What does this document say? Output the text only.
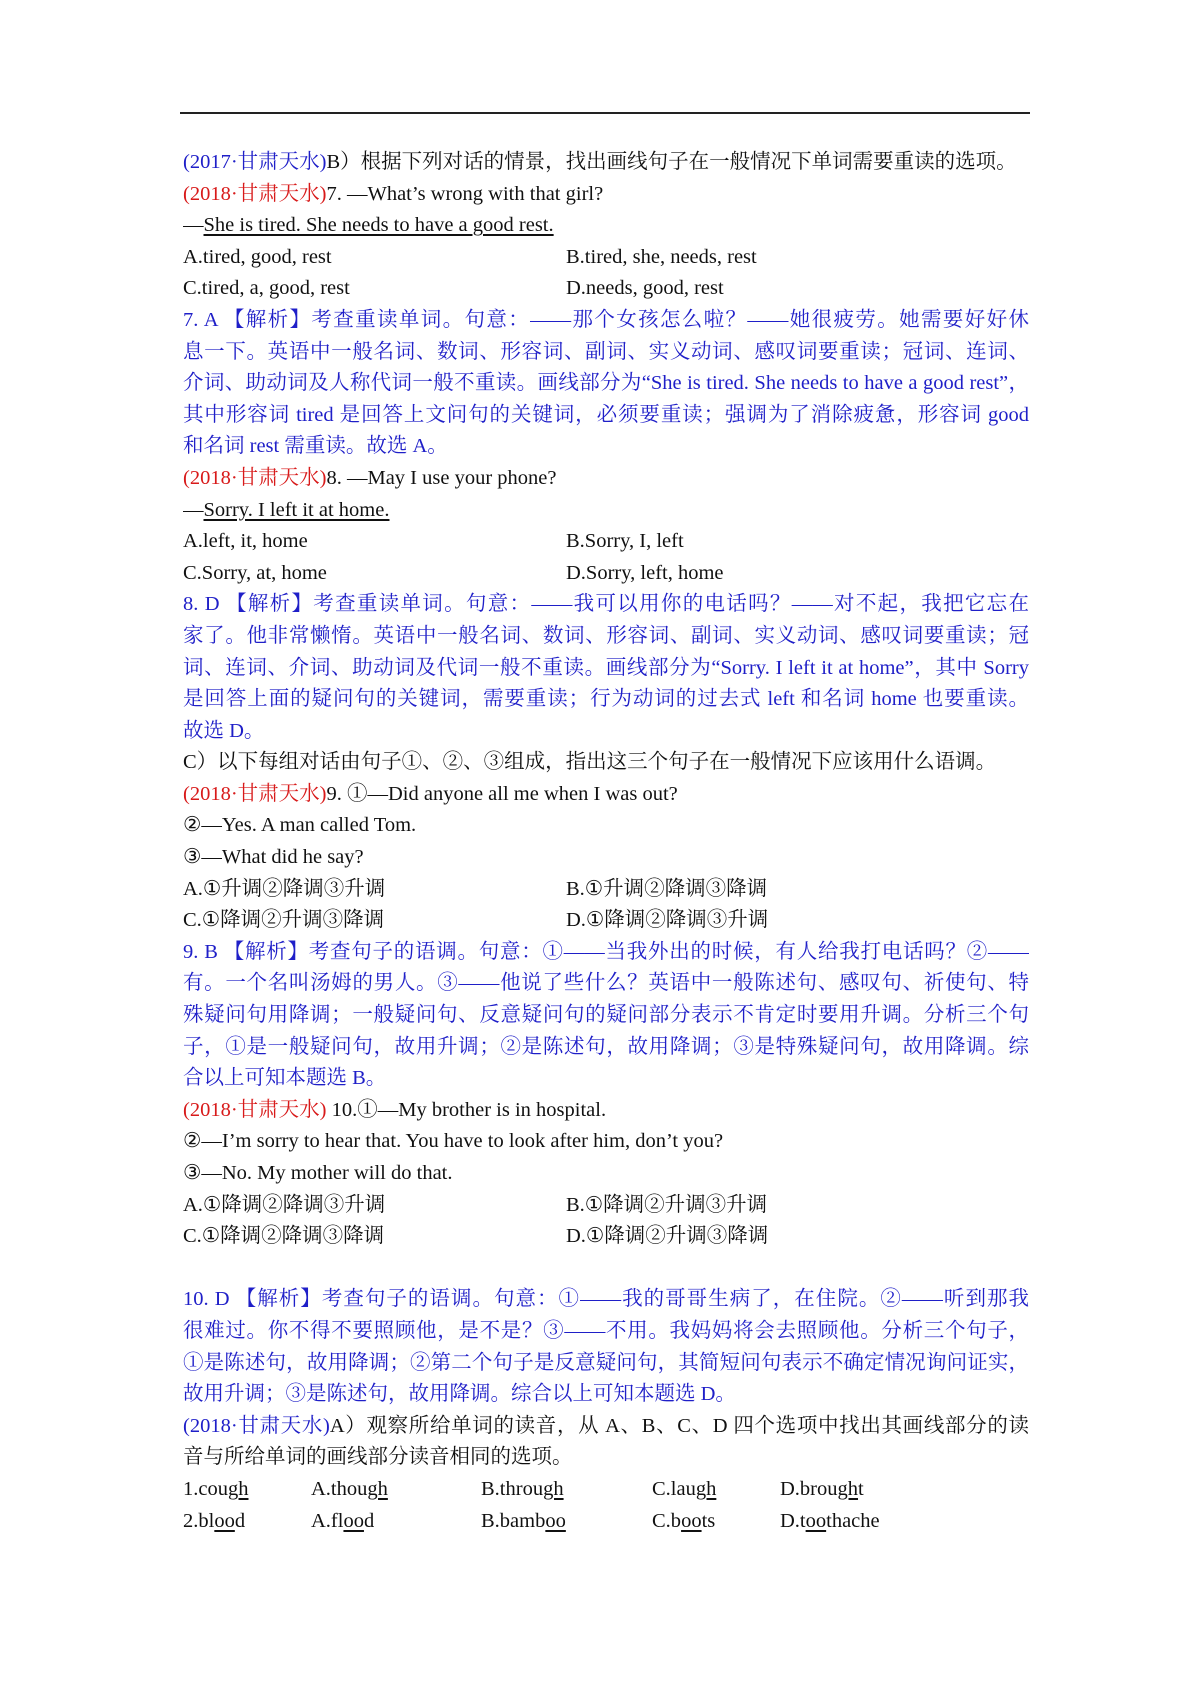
(2017·甘肃天水)B）根据下列对话的情景，找出画线句子在一般情况下单词需要重读的选项。
(2018·甘肃天水)7. —What’s wrong with that girl?
—She is tired. She needs to have a good rest.
A.tired, good, rest	B.tired, she, needs, rest
C.tired, a, good, rest	D.needs, good, rest
7. A 【解析】考查重读单词。句意：——那个女孩怎么啦？——她很疲劳。她需要好好休
息一下。英语中一般名词、数词、形容词、副词、实义动词、感叹词要重读；冠词、连词、
介词、助动词及人称代词一般不重读。画线部分为“She is tired. She needs to have a good rest”，
其中形容词 tired 是回答上文问句的关键词，必须要重读；强调为了消除疲惫，形容词 good
和名词 rest 需重读。故选 A。
(2018·甘肃天水)8. —May I use your phone?
—Sorry. I left it at home.
A.left, it, home	B.Sorry, I, left
C.Sorry, at, home	D.Sorry, left, home
8. D 【解析】考查重读单词。句意：——我可以用你的电话吗？——对不起，我把它忘在
家了。他非常懒惰。英语中一般名词、数词、形容词、副词、实义动词、感叹词要重读；冠
词、连词、介词、助动词及代词一般不重读。画线部分为“Sorry. I left it at home”，其中 Sorry
是回答上面的疑问句的关键词，需要重读；行为动词的过去式 left 和名词 home 也要重读。
故选 D。
C）以下每组对话由句子①、②、③组成，指出这三个句子在一般情况下应该用什么语调。
(2018·甘肃天水)9. ①—Did anyone all me when I was out?
②—Yes. A man called Tom.
③—What did he say?
A.①升调②降调③升调	B.①升调②降调③降调
C.①降调②升调③降调	D.①降调②降调③升调
9. B 【解析】考查句子的语调。句意：①——当我外出的时候，有人给我打电话吗？②——
有。一个名叫汤姆的男人。③——他说了些什么？英语中一般陈述句、感叹句、祈使句、特
殊疑问句用降调；一般疑问句、反意疑问句的疑问部分表示不肯定时要用升调。分析三个句
子，①是一般疑问句，故用升调；②是陈述句，故用降调；③是特殊疑问句，故用降调。综
合以上可知本题选 B。
(2018·甘肃天水) 10.①—My brother is in hospital.
②—I’m sorry to hear that. You have to look after him, don’t you?
③—No. My mother will do that.
A.①降调②降调③升调	B.①降调②升调③升调
C.①降调②降调③降调	D.①降调②升调③降调
10. D 【解析】考查句子的语调。句意：①——我的哥哥生病了，在住院。②——听到那我
很难过。你不得不要照顾他，是不是？③——不用。我妈妈将会去照顾他。分析三个句子，
①是陈述句，故用降调；②第二个句子是反意疑问句，其简短问句表示不确定情况询问证实，
故用升调；③是陈述句，故用降调。综合以上可知本题选 D。
(2018·甘肃天水)A）观察所给单词的读音，从 A、B、C、D 四个选项中找出其画线部分的读
音与所给单词的画线部分读音相同的选项。
1.cough	A.though	B.through	C.laugh	D.brought
2.blood	A.flood	B.bamboo	C.boots	D.toothache
